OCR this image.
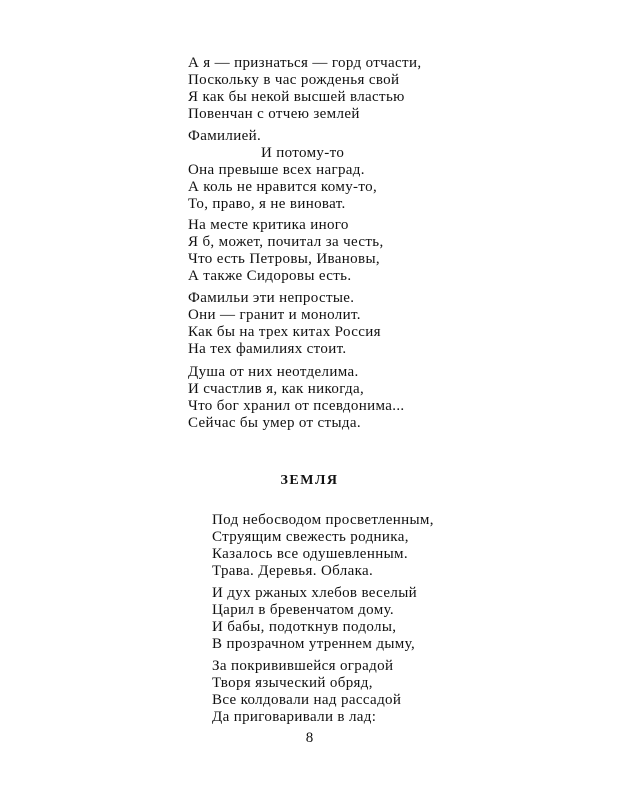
А я — признаться — горд отчасти,
Поскольку в час рожденья свой
Я как бы некой высшей властью
Повенчан с отчею землей
Фамилией.
И потому-то
Она превыше всех наград.
А коль не нравится кому-то,
То, право, я не виноват.
На месте критика иного
Я б, может, почитал за честь,
Что есть Петровы, Ивановы,
А также Сидоровы есть.
Фамильи эти непростые.
Они — гранит и монолит.
Как бы на трех китах Россия
На тех фамилиях стоит.
Душа от них неотделима.
И счастлив я, как никогда,
Что бог хранил от псевдонима...
Сейчас бы умер от стыда.
ЗЕМЛЯ
Под небосводом просветленным,
Струящим свежесть родника,
Казалось все одушевленным.
Трава. Деревья. Облака.
И дух ржаных хлебов веселый
Царил в бревенчатом дому.
И бабы, подоткнув подолы,
В прозрачном утреннем дыму,
За покривившейся оградой
Творя языческий обряд,
Все колдовали над рассадой
Да приговаривали в лад:
8
